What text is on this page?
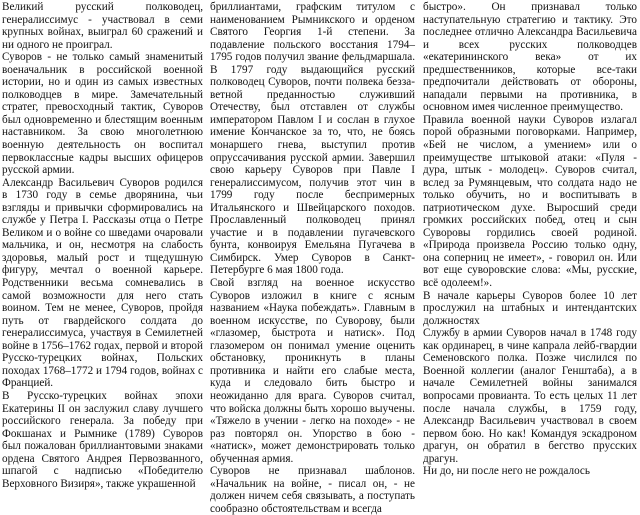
Великий русский полководец, генералиссимус - участвовал в семи крупных войнах, выиграл 60 сражений и ни одного не проиграл.

Суворов - не только самый знаменитый военачальник в российской военной истории, но и один из самых известных полководцев в мире. Замечательный стратег, превосходный тактик, Суворов был одновременно и блестящим военным наставником. За свою многолетнюю военную деятельность он воспитал первоклассные кадры высших офицеров русской армии.

Александр Васильевич Суворов родился в 1730 году в семье дворянина, чьи взгляды и привычки сформировались на службе у Петра I. Рассказы отца о Петре Великом и о войне со шведами очаровали мальчика, и он, несмотря на слабость здоровья, малый рост и тщедушную фигуру, мечтал о военной карьере. Родственники весьма сомневались в самой возможности для него стать воином. Тем не менее, Суворов, пройдя путь от гвардейского солдата до генералиссимуса, участвуя в Семилетней войне в 1756–1762 годах, первой и второй Русско-турецких войнах, Польских походах 1768–1772 и 1794 годов, войнах с Францией.

В Русско-турецких войнах эпохи Екатерины II он заслужил славу лучшего российского генерала. За победу при Фокшанах и Рымнике (1789) Суворов был пожалован бриллиантовыми знаками ордена Святого Андрея Первозванного, шпагой с надписью «Победителю Верховного Визиря», также украшенной

бриллиантами, графским титулом с наименованием Рымникского и орденом Святого Георгия 1-й степени. За подавление польского восстания 1794–1795 годов получил звание фельдмаршала. В 1797 году выдающийся русский полководец Суворов, почти полвека беззаветной преданностью служивший Отечеству, был отставлен от службы императором Павлом I и сослан в глухое имение Кончанское за то, что, не боясь монаршего гнева, выступил против опруссачивания русской армии. Завершил свою карьеру Суворов при Павле I генералиссимусом, получив этот чин в 1799 году после беспримерных Итальянского и Швейцарского походов. Прославленный полководец принял участие и в подавлении пугачевского бунта, конвоируя Емельяна Пугачева в Симбирск. Умер Суворов в Санкт-Петербурге 6 мая 1800 года.

Свой взгляд на военное искусство Суворов изложил в книге с ясным названием «Наука побеждать». Главным в военном искусстве, по Суворову, были «глазомер, быстрота и натиск». Под глазомером он понимал умение оценить обстановку, проникнуть в планы противника и найти его слабые места, куда и следовало бить быстро и неожиданно для врага. Суворов считал, что войска должны быть хорошо выучены. «Тяжело в учении - легко на походе» - не раз повторял он. Упорство в бою - «натиск», может демонстрировать только обученная армия.

Суворов не признавал шаблонов. «Начальник на войне, - писал он, - не должен ничем себя связывать, а поступать сообразно обстоятельствам и всегда

быстро». Он признавал только наступательную стратегию и тактику. Это последнее отлично Александра Васильевича и всех русских полководцев «екатерининского века» от их предшественников, которые все-таки предпочитали действовать от обороны, нападали первыми на противника, в основном имея численное преимущество.

Правила военной науки Суворов излагал порой образными поговорками. Например, «Бей не числом, а умением» или о преимуществе штыковой атаки: «Пуля - дура, штык - молодец». Суворов считал, вслед за Румянцевым, что солдата надо не только обучить, но и воспитывать в патриотическом духе. Выросший среди громких российских побед, отец и сын Суворовы гордились своей родиной. «Природа произвела Россию только одну, она соперниц не имеет», - говорил он. Или вот еще суворовские слова: «Мы, русские, всё одолеем!».

В начале карьеры Суворов более 10 лет прослужил на штабных и интендантских должностях

Службу в армии Суворов начал в 1748 году как ординарец, в чине капрала лейб-гвардии Семеновского полка. Позже числился по Военной коллегии (аналог Генштаба), а в начале Семилетней войны занимался вопросами провианта. То есть целых 11 лет после начала службы, в 1759 году, Александр Васильевич участвовал в своем первом бою. Но как! Командуя эскадроном драгун, он обратил в бегство прусских драгун.

Ни до, ни после него не рождалось
